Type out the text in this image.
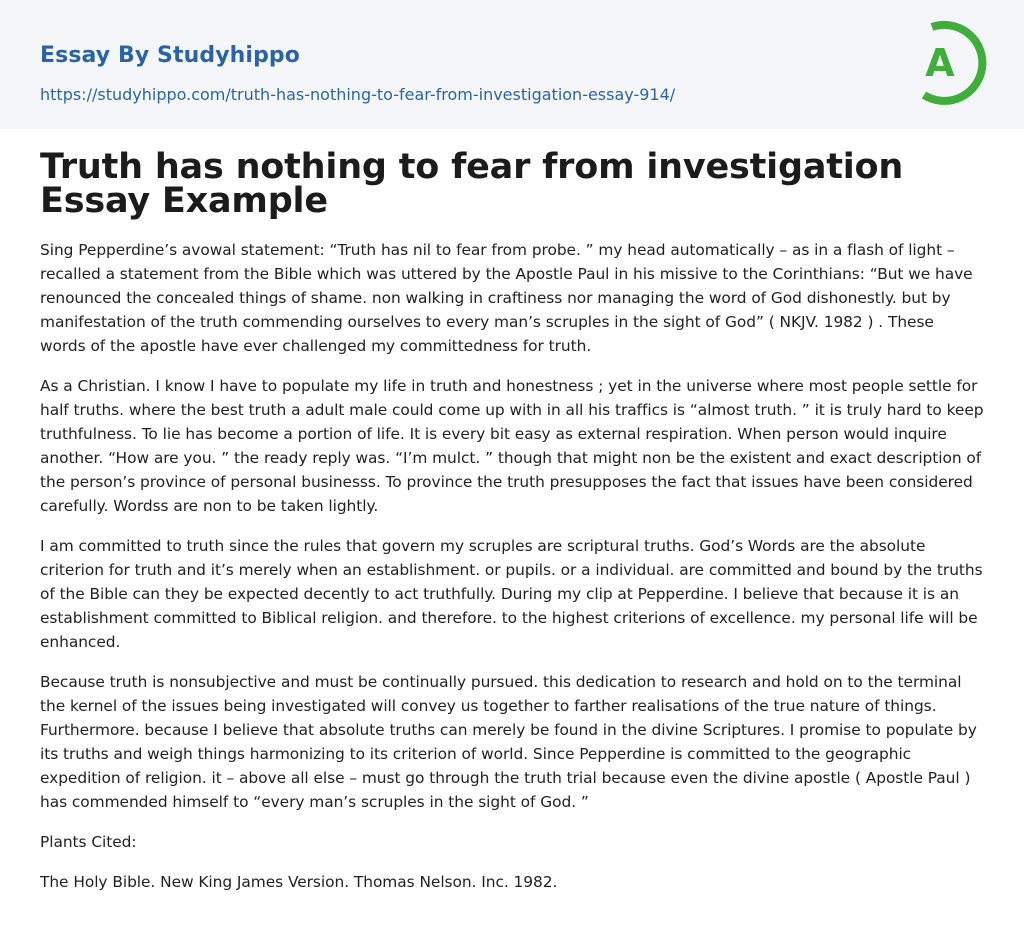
Essay By Studyhippo
https://studyhippo.com/truth-has-nothing-to-fear-from-investigation-essay-914/
A
Truth has nothing to fear from investigation Essay Example

Sing Pepperdine’s avowal statement: “Truth has nil to fear from probe. ” my head automatically – as in a flash of light – recalled a statement from the Bible which was uttered by the Apostle Paul in his missive to the Corinthians: “But we have renounced the concealed things of shame. non walking in craftiness nor managing the word of God dishonestly. but by manifestation of the truth commending ourselves to every man’s scruples in the sight of God” ( NKJV. 1982 ) . These words of the apostle have ever challenged my committedness for truth.

As a Christian. I know I have to populate my life in truth and honestness ; yet in the universe where most people settle for half truths. where the best truth a adult male could come up with in all his traffics is “almost truth. ” it is truly hard to keep truthfulness. To lie has become a portion of life. It is every bit easy as external respiration. When person would inquire another. “How are you. ” the ready reply was. “I’m mulct. ” though that might non be the existent and exact description of the person’s province of personal businesss. To province the truth presupposes the fact that issues have been considered carefully. Wordss are non to be taken lightly.

I am committed to truth since the rules that govern my scruples are scriptural truths. God’s Words are the absolute criterion for truth and it’s merely when an establishment. or pupils. or a individual. are committed and bound by the truths of the Bible can they be expected decently to act truthfully. During my clip at Pepperdine. I believe that because it is an establishment committed to Biblical religion. and therefore. to the highest criterions of excellence. my personal life will be enhanced.

Because truth is nonsubjective and must be continually pursued. this dedication to research and hold on to the terminal the kernel of the issues being investigated will convey us together to farther realisations of the true nature of things. Furthermore. because I believe that absolute truths can merely be found in the divine Scriptures. I promise to populate by its truths and weigh things harmonizing to its criterion of world. Since Pepperdine is committed to the geographic expedition of religion. it – above all else – must go through the truth trial because even the divine apostle ( Apostle Paul ) has commended himself to “every man’s scruples in the sight of God. ”

Plants Cited:

The Holy Bible. New King James Version. Thomas Nelson. Inc. 1982.
